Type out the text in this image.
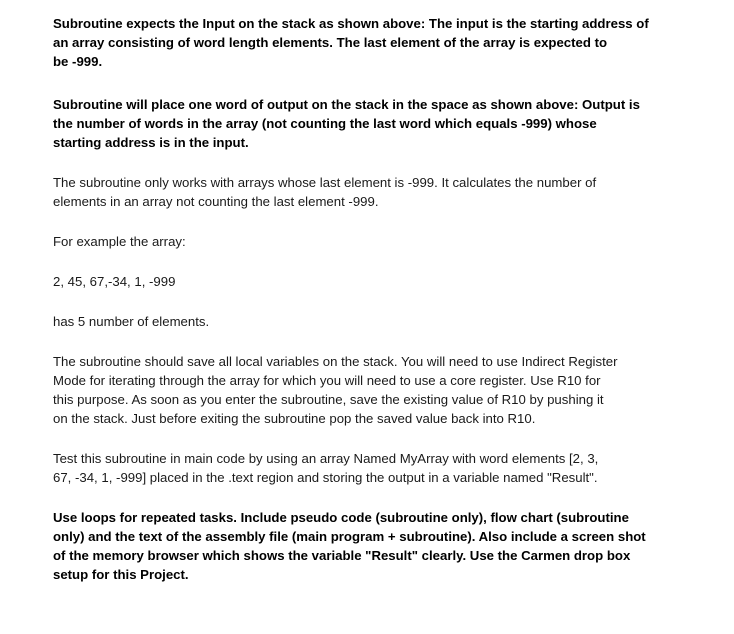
Subroutine expects the Input on the stack as shown above: The input is the starting address of
an array consisting of word length elements. The last element of the array is expected to
be -999.

Subroutine will place one word of output on the stack in the space as shown above: Output is
the number of words in the array (not counting the last word which equals -999) whose
starting address is in the input.

The subroutine only works with arrays whose last element is -999. It calculates the number of
elements in an array not counting the last element -999.

For example the array:

2, 45, 67,-34, 1, -999

has 5 number of elements.

The subroutine should save all local variables on the stack. You will need to use Indirect Register
Mode for iterating through the array for which you will need to use a core register. Use R10 for
this purpose. As soon as you enter the subroutine, save the existing value of R10 by pushing it
on the stack. Just before exiting the subroutine pop the saved value back into R10.

Test this subroutine in main code by using an array Named MyArray with word elements [2, 3,
67, -34, 1, -999] placed in the .text region and storing the output in a variable named "Result".

Use loops for repeated tasks. Include pseudo code (subroutine only), flow chart (subroutine
only) and the text of the assembly file (main program + subroutine). Also include a screen shot
of the memory browser which shows the variable "Result" clearly. Use the Carmen drop box
setup for this Project.
